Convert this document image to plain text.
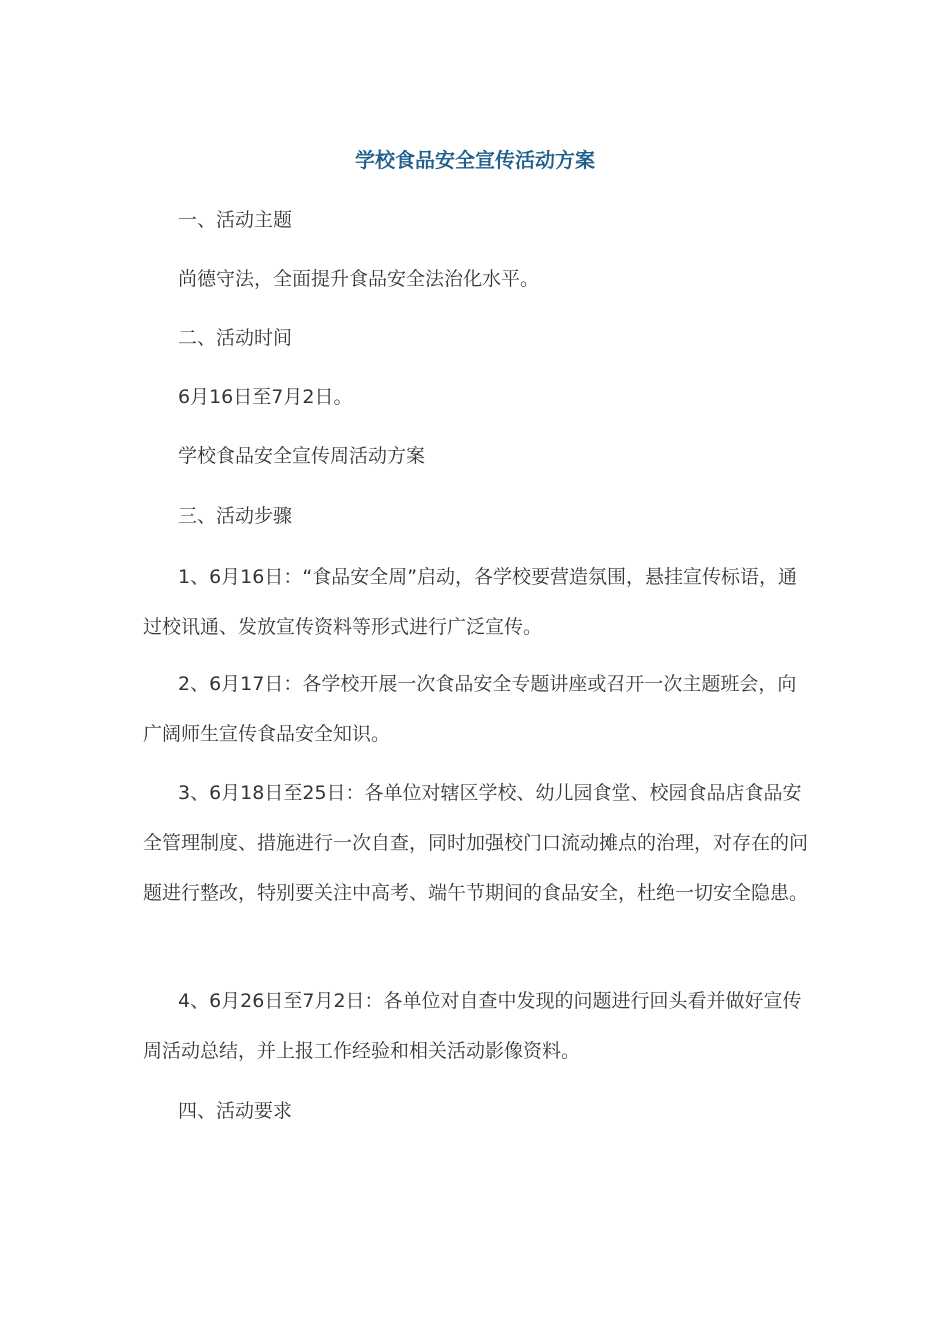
学校食品安全宣传活动方案
一、活动主题
尚德守法，全面提升食品安全法治化水平。
二、活动时间
6月16日至7月2日。
学校食品安全宣传周活动方案
三、活动步骤
1、6月16日：“食品安全周”启动，各学校要营造氛围，悬挂宣传标语，通过校讯通、发放宣传资料等形式进行广泛宣传。
2、6月17日：各学校开展一次食品安全专题讲座或召开一次主题班会，向广阔师生宣传食品安全知识。
3、6月18日至25日：各单位对辖区学校、幼儿园食堂、校园食品店食品安全管理制度、措施进行一次自查，同时加强校门口流动摊点的治理，对存在的问题进行整改，特别要关注中高考、端午节期间的食品安全，杜绝一切安全隐患。
4、6月26日至7月2日：各单位对自查中发现的问题进行回头看并做好宣传周活动总结，并上报工作经验和相关活动影像资料。
四、活动要求
